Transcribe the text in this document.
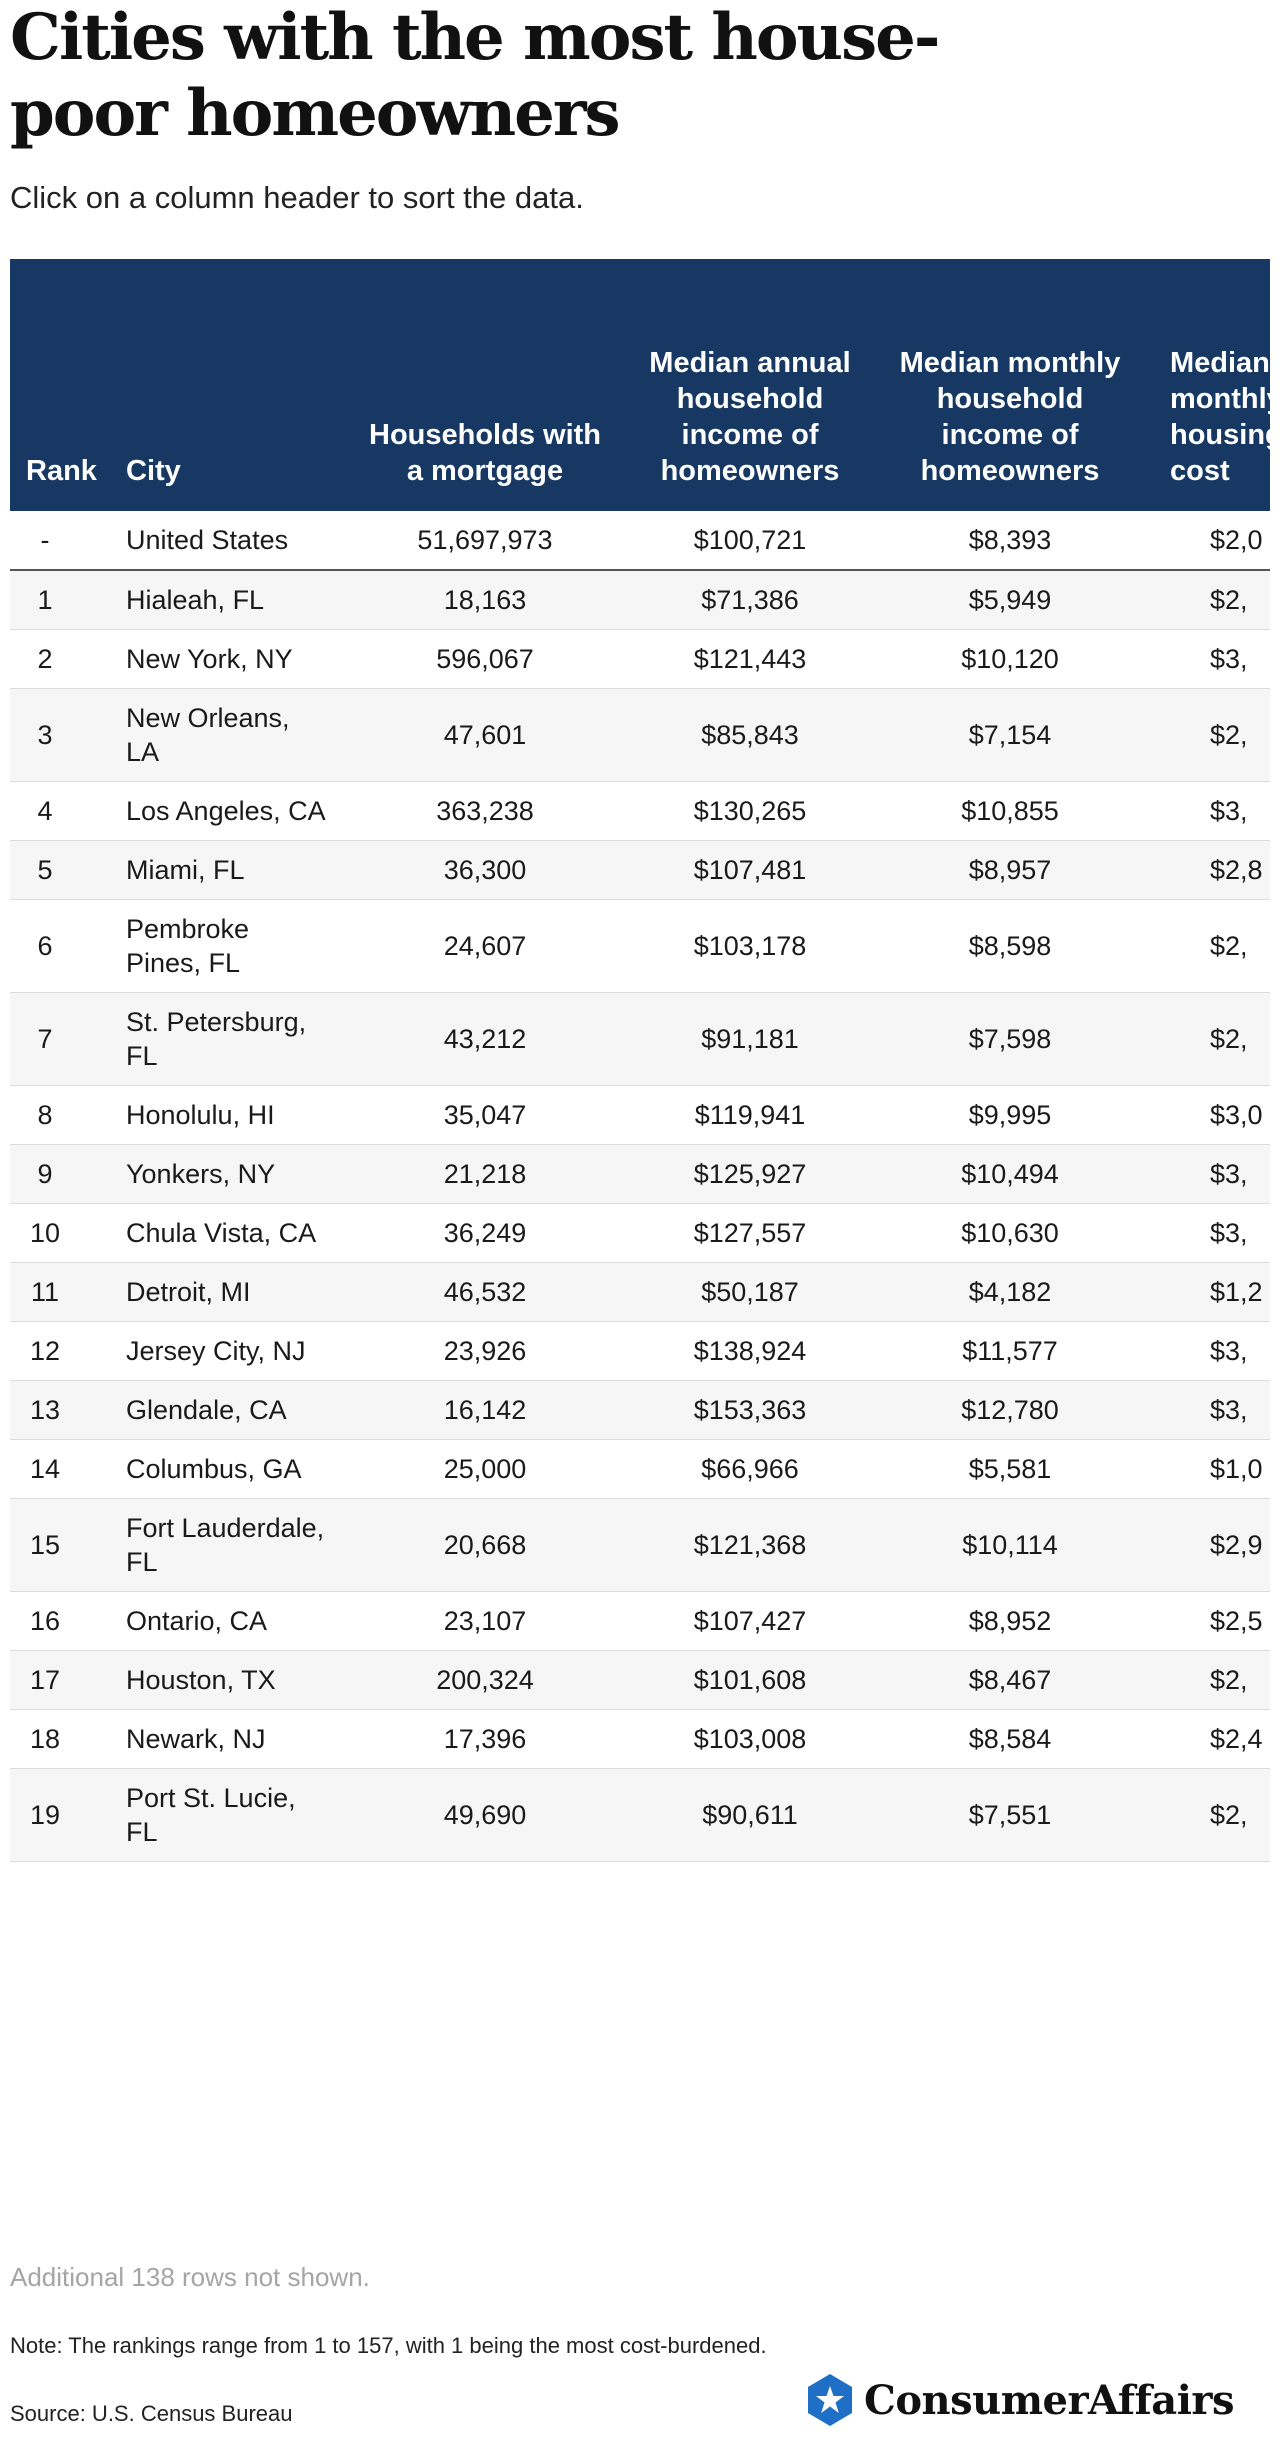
Cities with the most house-poor homeowners

Click on a column header to sort the data.

Rank	City	Households with a mortgage	Median annual household income of homeowners	Median monthly household income of homeowners	Median monthly housing cost
-	United States	51,697,973	$100,721	$8,393	$2,0
1	Hialeah, FL	18,163	$71,386	$5,949	$2,
2	New York, NY	596,067	$121,443	$10,120	$3,
3	New Orleans, LA	47,601	$85,843	$7,154	$2,
4	Los Angeles, CA	363,238	$130,265	$10,855	$3,
5	Miami, FL	36,300	$107,481	$8,957	$2,8
6	Pembroke Pines, FL	24,607	$103,178	$8,598	$2,
7	St. Petersburg, FL	43,212	$91,181	$7,598	$2,
8	Honolulu, HI	35,047	$119,941	$9,995	$3,0
9	Yonkers, NY	21,218	$125,927	$10,494	$3,
10	Chula Vista, CA	36,249	$127,557	$10,630	$3,
11	Detroit, MI	46,532	$50,187	$4,182	$1,2
12	Jersey City, NJ	23,926	$138,924	$11,577	$3,
13	Glendale, CA	16,142	$153,363	$12,780	$3,
14	Columbus, GA	25,000	$66,966	$5,581	$1,0
15	Fort Lauderdale, FL	20,668	$121,368	$10,114	$2,9
16	Ontario, CA	23,107	$107,427	$8,952	$2,5
17	Houston, TX	200,324	$101,608	$8,467	$2,
18	Newark, NJ	17,396	$103,008	$8,584	$2,4
19	Port St. Lucie, FL	49,690	$90,611	$7,551	$2,

Additional 138 rows not shown.

Note: The rankings range from 1 to 157, with 1 being the most cost-burdened.

Source: U.S. Census Bureau	ConsumerAffairs
